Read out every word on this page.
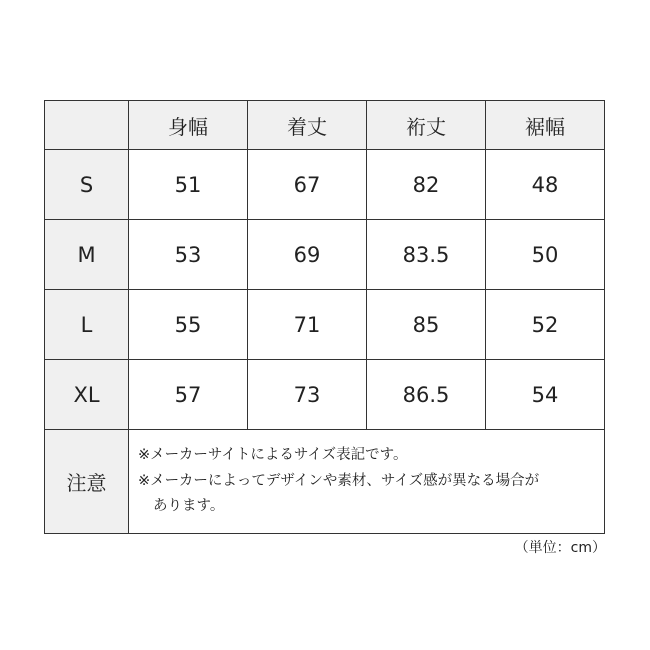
	身幅	着丈	裄丈	裾幅
S	51	67	82	48
M	53	69	83.5	50
L	55	71	85	52
XL	57	73	86.5	54
注意	※メーカーサイトによるサイズ表記です。
※メーカーによってデザインや素材、サイズ感が異なる場合が
あります。			
（単位：cm）
